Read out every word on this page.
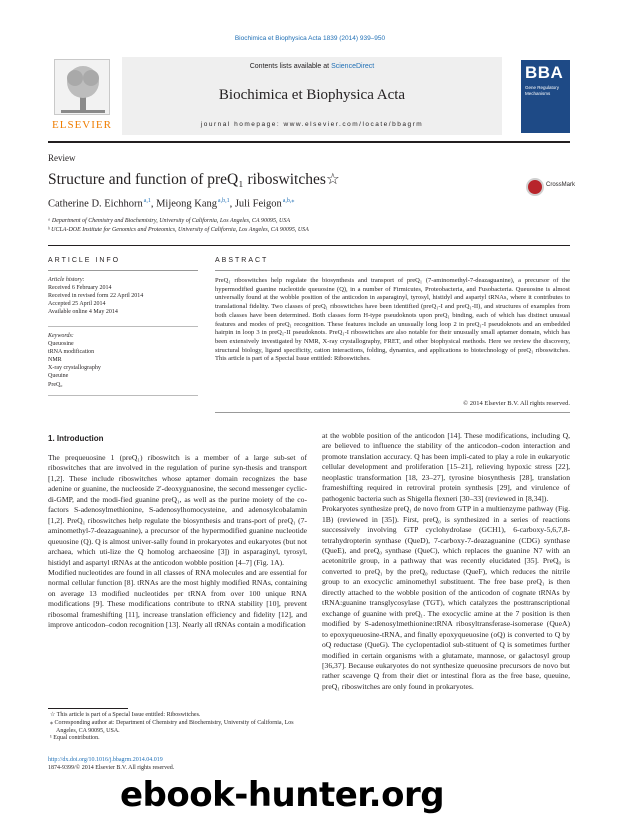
Biochimica et Biophysica Acta 1839 (2014) 939–950
ELSEVIER
Contents lists available at ScienceDirect
Biochimica et Biophysica Acta
journal homepage: www.elsevier.com/locate/bbagrm
BBA
Gene Regulatory Mechanisms
Review
Structure and function of preQ₁ riboswitches☆	CrossMark
Catherine D. Eichhorn $^{a,1}$, Mijeong Kang $^{a,b,1}$, Juli Feigon $^{a,b,⁎}$
ᵃ Department of Chemistry and Biochemistry, University of California, Los Angeles, CA 90095, USA
ᵇ UCLA-DOE Institute for Genomics and Proteomics, University of California, Los Angeles, CA 90095, USA
ARTICLE INFO	ABSTRACT
Article history:
Received 6 February 2014
Received in revised form 22 April 2014
Accepted 25 April 2014
Available online 4 May 2014
Keywords:
Queuosine
tRNA modification
NMR
X-ray crystallography
Queuine
PreQ₀
PreQ₁ riboswitches help regulate the biosynthesis and transport of preQ₁ (7-aminomethyl-7-deazaguanine), a precursor of the hypermodified guanine nucleotide queuosine (Q), in a number of Firmicutes, Proteobacteria, and Fusobacteria. Queuosine is almost universally found at the wobble position of the anticodon in asparaginyl, tyrosyl, histidyl and aspartyl tRNAs, where it contributes to translational fidelity. Two classes of preQ₁ riboswitches have been identified (preQ₁-I and preQ₁-II), and structures of examples from both classes have been determined. Both classes form H-type pseudoknots upon preQ₁ binding, each of which has distinct unusual features and modes of preQ₁ recognition. These features include an unusually long loop 2 in preQ₁-I pseudoknots and an embedded hairpin in loop 3 in preQ₁-II pseudoknots. PreQ₁-I riboswitches are also notable for their unusually small aptamer domain, which has been extensively investigated by NMR, X-ray crystallography, FRET, and other biophysical methods. Here we review the discovery, structural biology, ligand specificity, cation interactions, folding, dynamics, and applications to biotechnology of preQ₁ riboswitches. This article is part of a Special Issue entitled: Riboswitches.
© 2014 Elsevier B.V. All rights reserved.
1. Introduction
The prequeuosine 1 (preQ₁) riboswitch is a member of a large sub-set of riboswitches that are involved in the regulation of purine syn-thesis and transport [1,2]. These include riboswitches whose aptamer domain recognizes the base adenine or guanine, the nucleoside 2′-deoxyguanosine, the second messenger cyclic-di-GMP, and the modi-fied guanine preQ₁, as well as the purine moiety of the co-factors S-adenosylmethionine, S-adenosylhomocysteine, and adenosylcobalamin [1,2]. PreQ₁ riboswitches help regulate the biosynthesis and trans-port of preQ₁ (7-aminomethyl-7-deazaguanine), a precursor of the hypermodified guanine nucleotide queuosine (Q). Q is almost univer-sally found in prokaryotes and eukaryotes (but not archaea, which uti-lize the Q homolog archaeosine [3]) in asparaginyl, tyrosyl, histidyl and aspartyl tRNAs at the anticodon wobble position [4–7] (Fig. 1A).
Modified nucleotides are found in all classes of RNA molecules and are essential for normal cellular function [8]. tRNAs are the most highly modified RNAs, containing on average 13 modified nucleotides per tRNA from over 100 unique RNA modifications [9]. These modifications contribute to tRNA stability [10], prevent ribosomal frameshifting [11], increase translation efficiency and fidelity [12], and improve anticodon–codon recognition [13]. Nearly all tRNAs contain a modification
at the wobble position of the anticodon [14]. These modifications, including Q, are believed to influence the stability of the anticodon–codon interaction and promote translation accuracy. Q has been impli-cated to play a role in eukaryotic cellular development and proliferation [15–21], relieving hypoxic stress [22], neoplastic transformation [18, 23–27], tyrosine biosynthesis [28], translation frameshifting required in retroviral protein synthesis [29], and virulence of pathogenic bacteria such as Shigella flexneri [30–33] (reviewed in [8,34]).
Prokaryotes synthesize preQ₁ de novo from GTP in a multienzyme pathway (Fig. 1B) (reviewed in [35]). First, preQ₀ is synthesized in a series of reactions successively involving GTP cyclohydrolase (GCH1), 6-carboxy-5,6,7,8-tetrahydropterin synthase (QueD), 7-carboxy-7-deazaguanine (CDG) synthase (QueE), and preQ₀ synthase (QueC), which replaces the guanine N7 with an acetonitrile group, in a pathway that was recently elucidated [35]. PreQ₀ is converted to preQ₁ by the preQ₀ reductase (QueF), which reduces the nitrile group to an exocyclic aminomethyl substituent. The free base preQ₁ is then directly attached to the wobble position of the anticodon of cognate tRNAs by tRNA:guanine transglycosylase (TGT), which catalyzes the posttranscriptional exchange of guanine with preQ₁. The exocyclic amine at the 7 position is then modified by S-adenosylmethionine:tRNA ribosyltransferase-isomerase (QueA) to epoxyqueuosine-tRNA, and finally epoxyqueuosine (oQ) is converted to Q by oQ reductase (QueG). The cyclopentadiol sub-stituent of Q is sometimes further modified in certain organisms with a glutamate, mannose, or galactosyl group [36,37]. Because eukaryotes do not synthesize queuosine precursors de novo but rather scavenge Q from their diet or intestinal flora as the free base, queuine, preQ₁ riboswitches are only found in prokaryotes.
☆ This article is part of a Special Issue entitled: Riboswitches.
⁎ Corresponding author at: Department of Chemistry and Biochemistry, University of California, Los Angeles, CA 90095, USA.
¹ Equal contribution.
http://dx.doi.org/10.1016/j.bbagrm.2014.04.019
1874-9399/© 2014 Elsevier B.V. All rights reserved.
ebook-hunter.org
